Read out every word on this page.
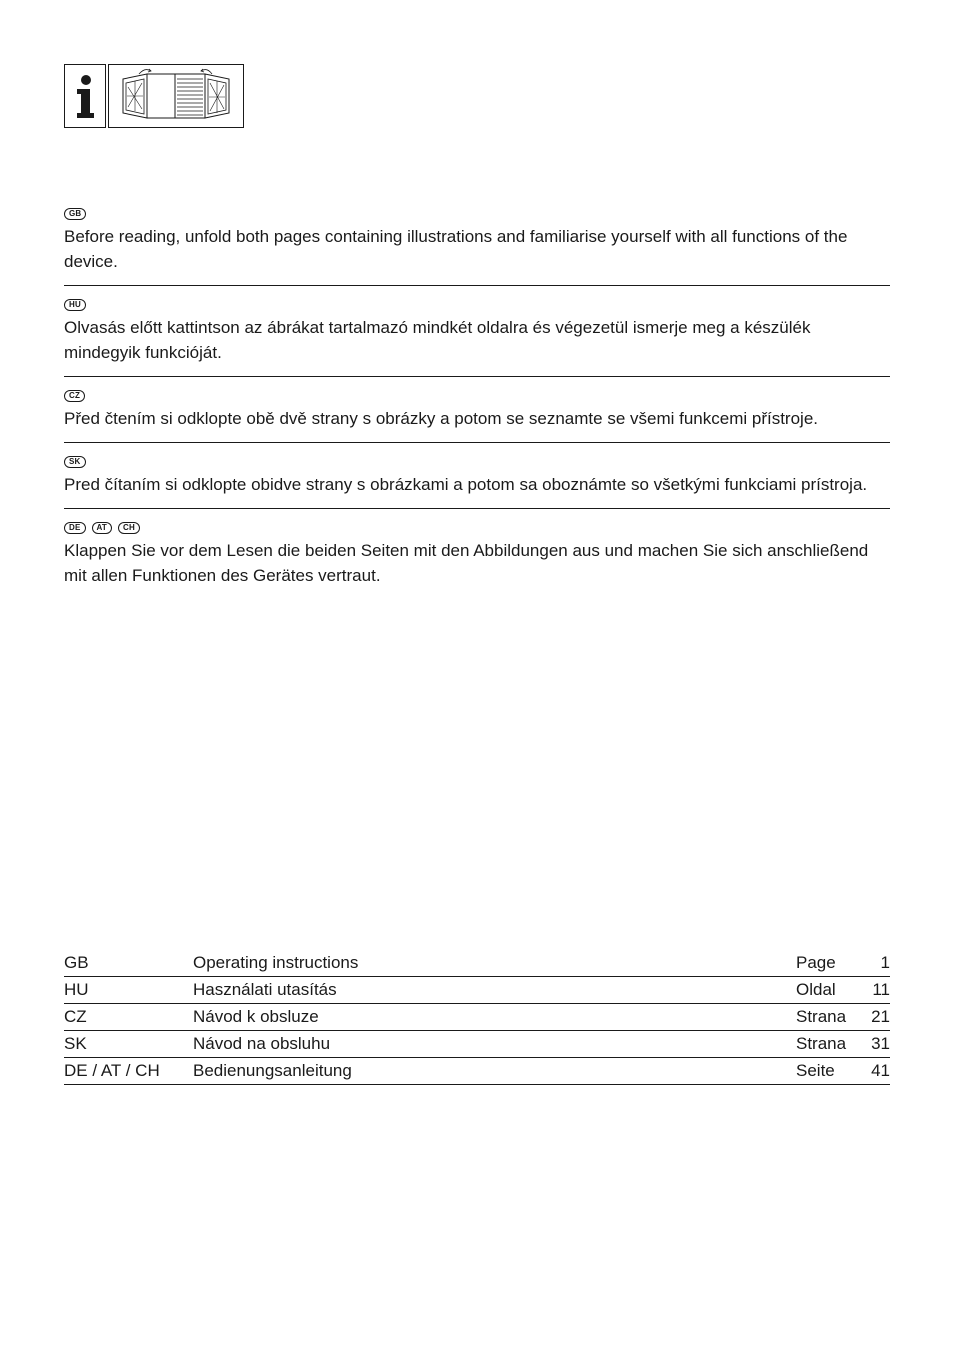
GB

Before reading, unfold both pages containing illustrations and familiarise yourself with all functions of the device.

HU

Olvasás előtt kattintson az ábrákat tartalmazó mindkét oldalra és végezetül ismerje meg a készülék mindegyik funkcióját.

CZ

Před čtením si odklopte obě dvě strany s obrázky a potom se seznamte se všemi funkcemi přístroje.

SK

Pred čítaním si odklopte obidve strany s obrázkami a potom sa oboznámte so všetkými funkciami prístroja.

DE	AT	CH

Klappen Sie vor dem Lesen die beiden Seiten mit den Abbildungen aus und machen Sie sich anschließend mit allen Funktionen des Gerätes vertraut.

GB	Operating instructions	Page	1
HU	Használati utasítás	Oldal	11
CZ	Návod k obsluze	Strana	21
SK	Návod na obsluhu	Strana	31
DE / AT / CH	Bedienungsanleitung	Seite	41
